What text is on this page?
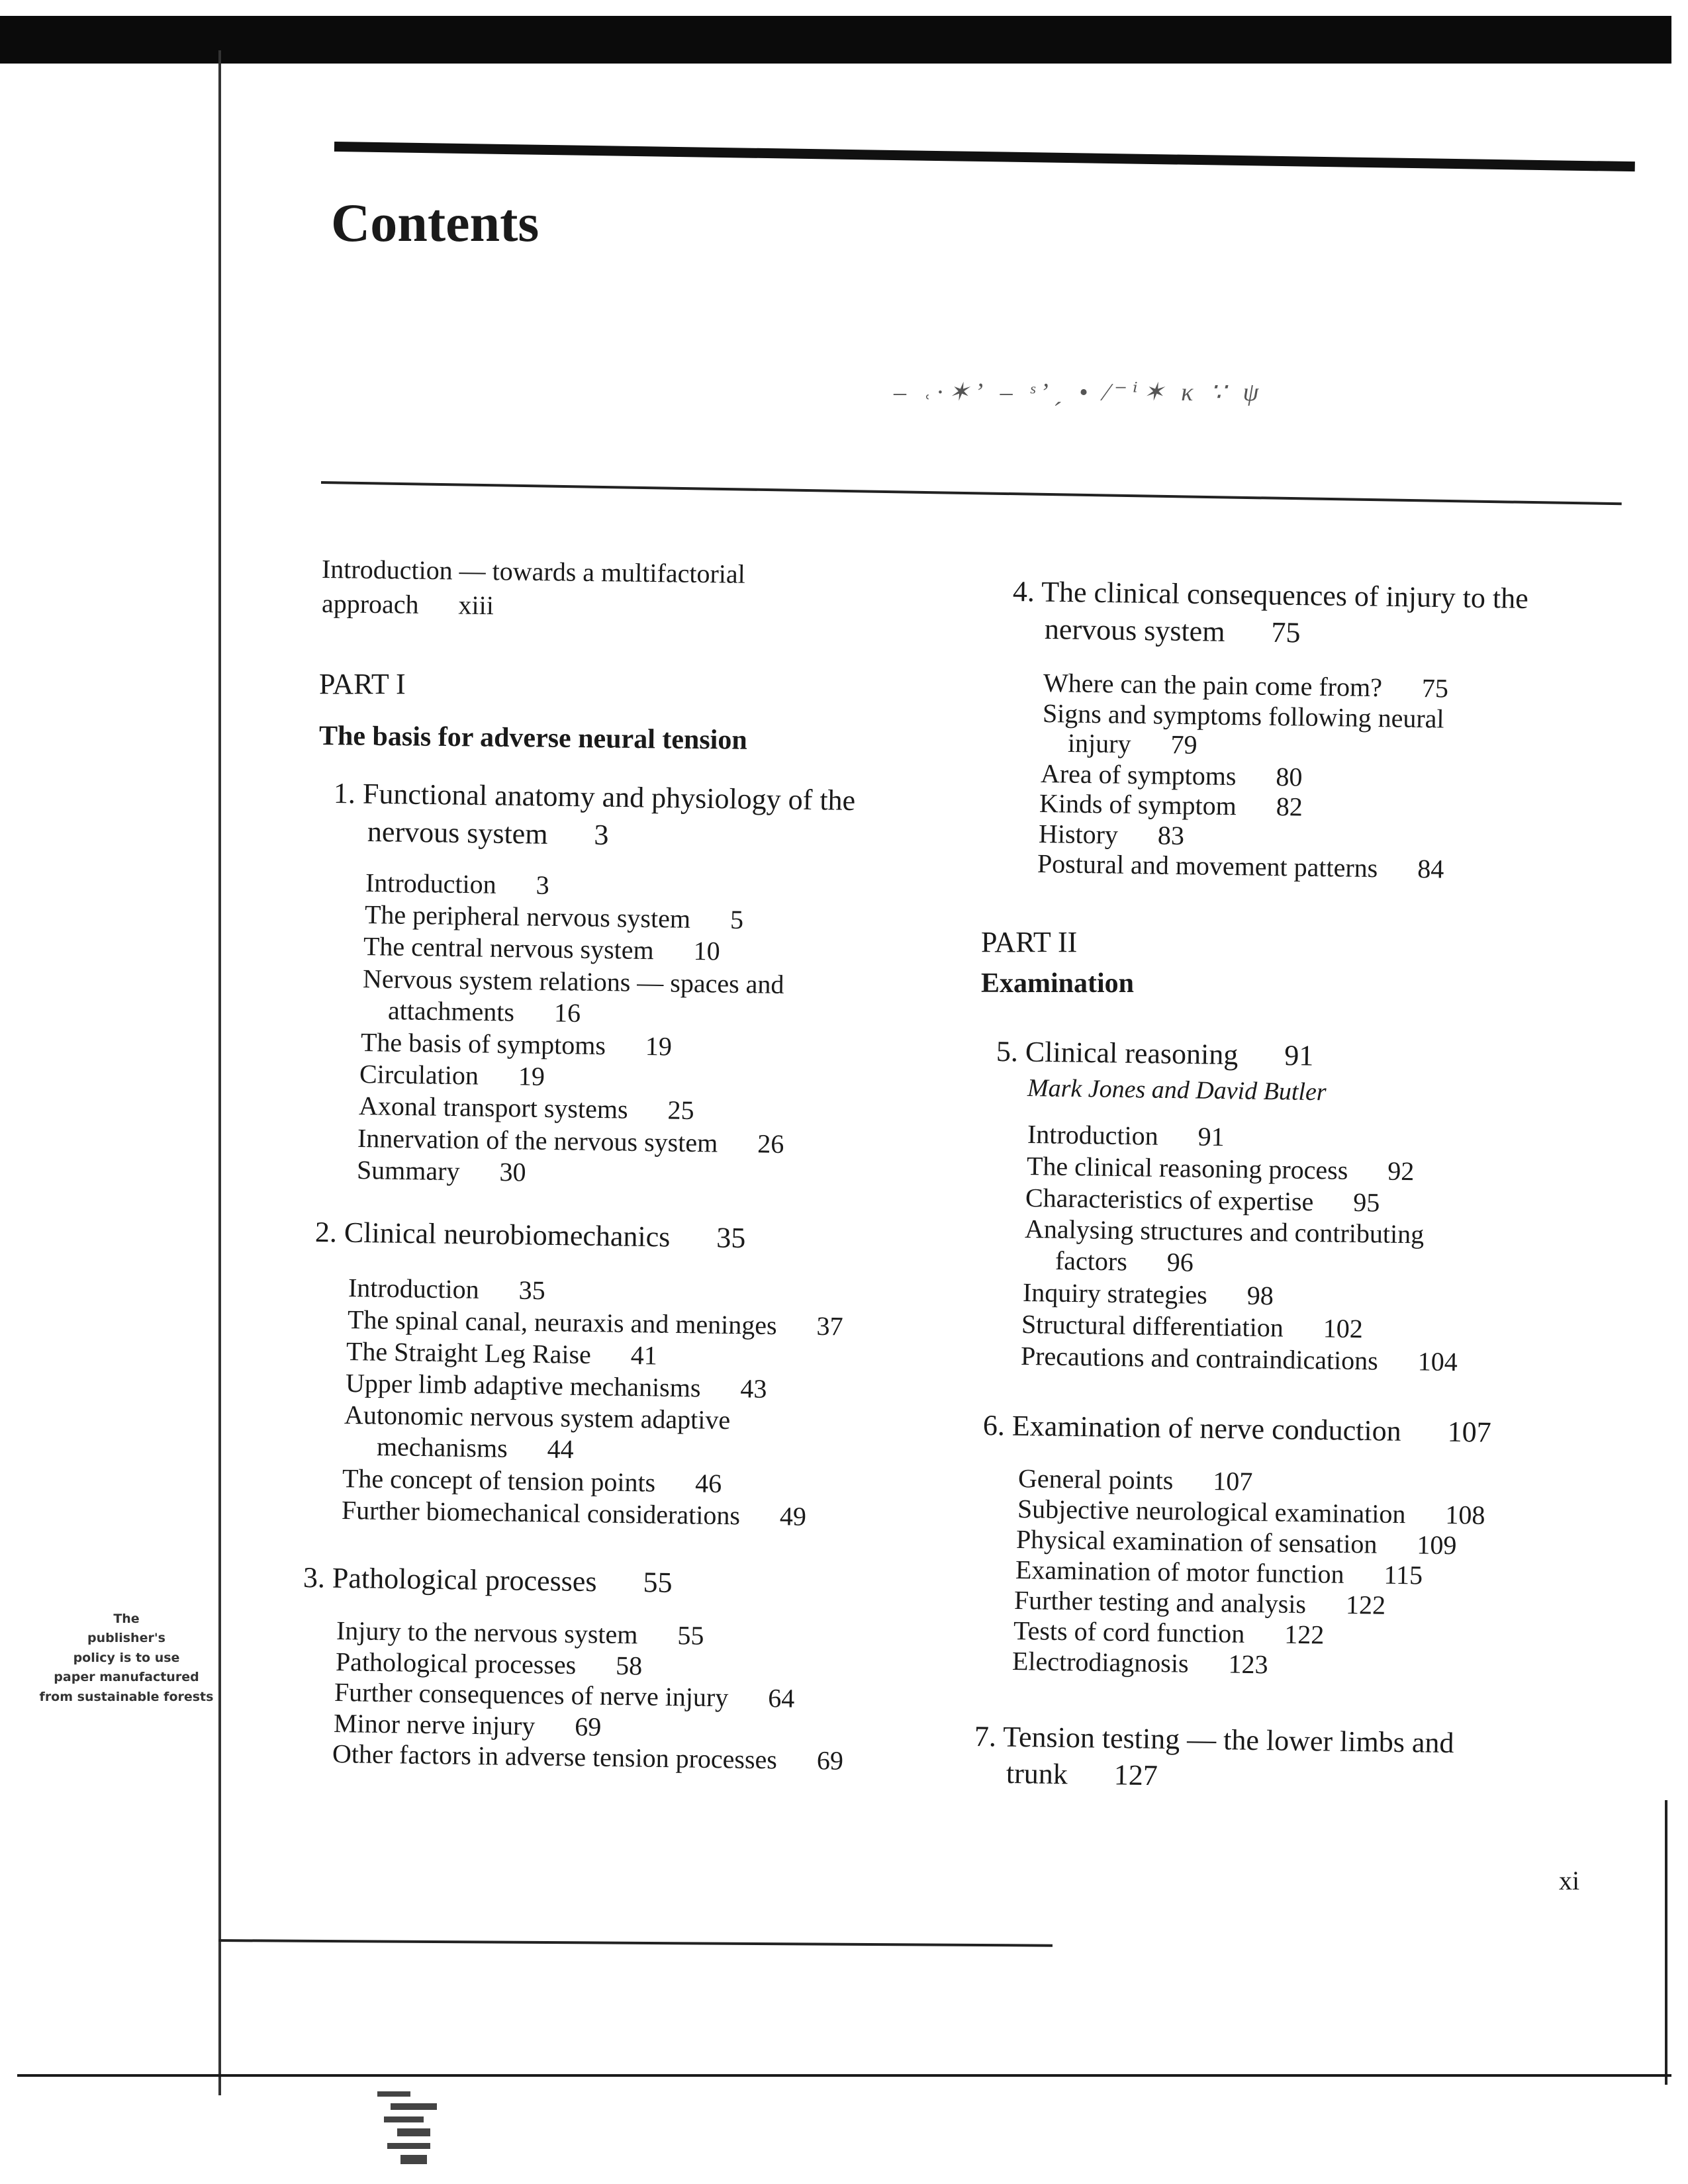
Contents
‒ ˓·✶ʼ – ˢ’ˏ • ∕⁻ⁱ✶ κ ∵ ψ
Introduction — towards a multifactorial
approach xiii
PART I
The basis for adverse neural tension
1. Functional anatomy and physiology of the
nervous system 3
Introduction 3
The peripheral nervous system 5
The central nervous system 10
Nervous system relations — spaces and
attachments 16
The basis of symptoms 19
Circulation 19
Axonal transport systems 25
Innervation of the nervous system 26
Summary 30
2. Clinical neurobiomechanics 35
Introduction 35
The spinal canal, neuraxis and meninges 37
The Straight Leg Raise 41
Upper limb adaptive mechanisms 43
Autonomic nervous system adaptive
mechanisms 44
The concept of tension points 46
Further biomechanical considerations 49
3. Pathological processes 55
Injury to the nervous system 55
Pathological processes 58
Further consequences of nerve injury 64
Minor nerve injury 69
Other factors in adverse tension processes 69
4. The clinical consequences of injury to the
nervous system 75
Where can the pain come from? 75
Signs and symptoms following neural
injury 79
Area of symptoms 80
Kinds of symptom 82
History 83
Postural and movement patterns 84
PART II
Examination
5. Clinical reasoning 91
Mark Jones and David Butler
Introduction 91
The clinical reasoning process 92
Characteristics of expertise 95
Analysing structures and contributing
factors 96
Inquiry strategies 98
Structural differentiation 102
Precautions and contraindications 104
6. Examination of nerve conduction 107
General points 107
Subjective neurological examination 108
Physical examination of sensation 109
Examination of motor function 115
Further testing and analysis 122
Tests of cord function 122
Electrodiagnosis 123
7. Tension testing — the lower limbs and
trunk 127
xi
The
publisher's
policy is to use
paper manufactured
from sustainable forests
